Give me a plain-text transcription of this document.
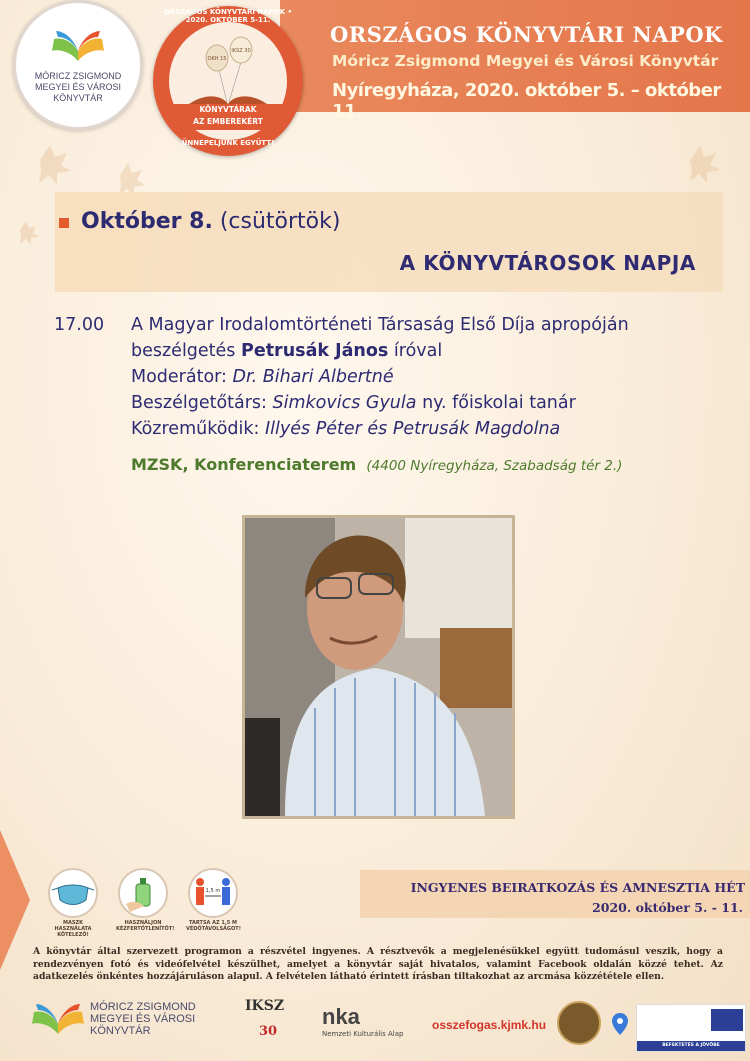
ORSZÁGOS KÖNYVTÁRI NAPOK
Móricz Zsigmond Megyei és Városi Könyvtár
Nyíregyháza, 2020. október 5. – október 11.
MÓRICZ ZSIGMOND
MEGYEI ÉS VÁROSI
KÖNYVTÁR
OKH 15
IKSZ 30
ORSZÁGOS KÖNYVTÁRI NAPOK • 2020. OKTÓBER 5-11.
KÖNYVTÁRAK
AZ EMBEREKÉRT
ÜNNEPELJÜNK EGYÜTT!
Október 8. (csütörtök)
A KÖNYVTÁROSOK NAPJA
17.00 A Magyar Irodalomtörténeti Társaság Első Díja apropóján
beszélgetés Petrusák János íróval
Moderátor: Dr. Bihari Albertné
Beszélgetőtárs: Simkovics Gyula ny. főiskolai tanár
Közreműködik: Illyés Péter és Petrusák Magdolna
MZSK, Konferenciaterem (4400 Nyíregyháza, Szabadság tér 2.)
MASZK HASZNÁLATA
KÖTELEZŐ!
HASZNÁLJON
KÉZFERTŐTLENÍTŐT!
1,5 m
TARTSA AZ 1,5 M
VÉDŐTÁVOLSÁGOT!
INGYENES BEIRATKOZÁS ÉS AMNESZTIA HÉT
2020. október 5. - 11.
A könyvtár által szervezett programon a részvétel ingyenes. A résztvevők a megjelenésükkel együtt tudomásul veszik, hogy a rendezvényen fotó és videófelvétel készülhet, amelyet a könyvtár saját hivatalos, valamint Facebook oldalán közzé tehet. Az adatkezelés önkéntes hozzájáruláson alapul. A felvételen látható érintett írásban tiltakozhat az arcmása közzététele ellen.
MÓRICZ ZSIGMOND
MEGYEI ÉS VÁROSI
KÖNYVTÁR
IKSZ
30
nka
Nemzeti Kulturális Alap
osszefogas.kjmk.hu
BEFEKTETÉS A JÖVŐBE
